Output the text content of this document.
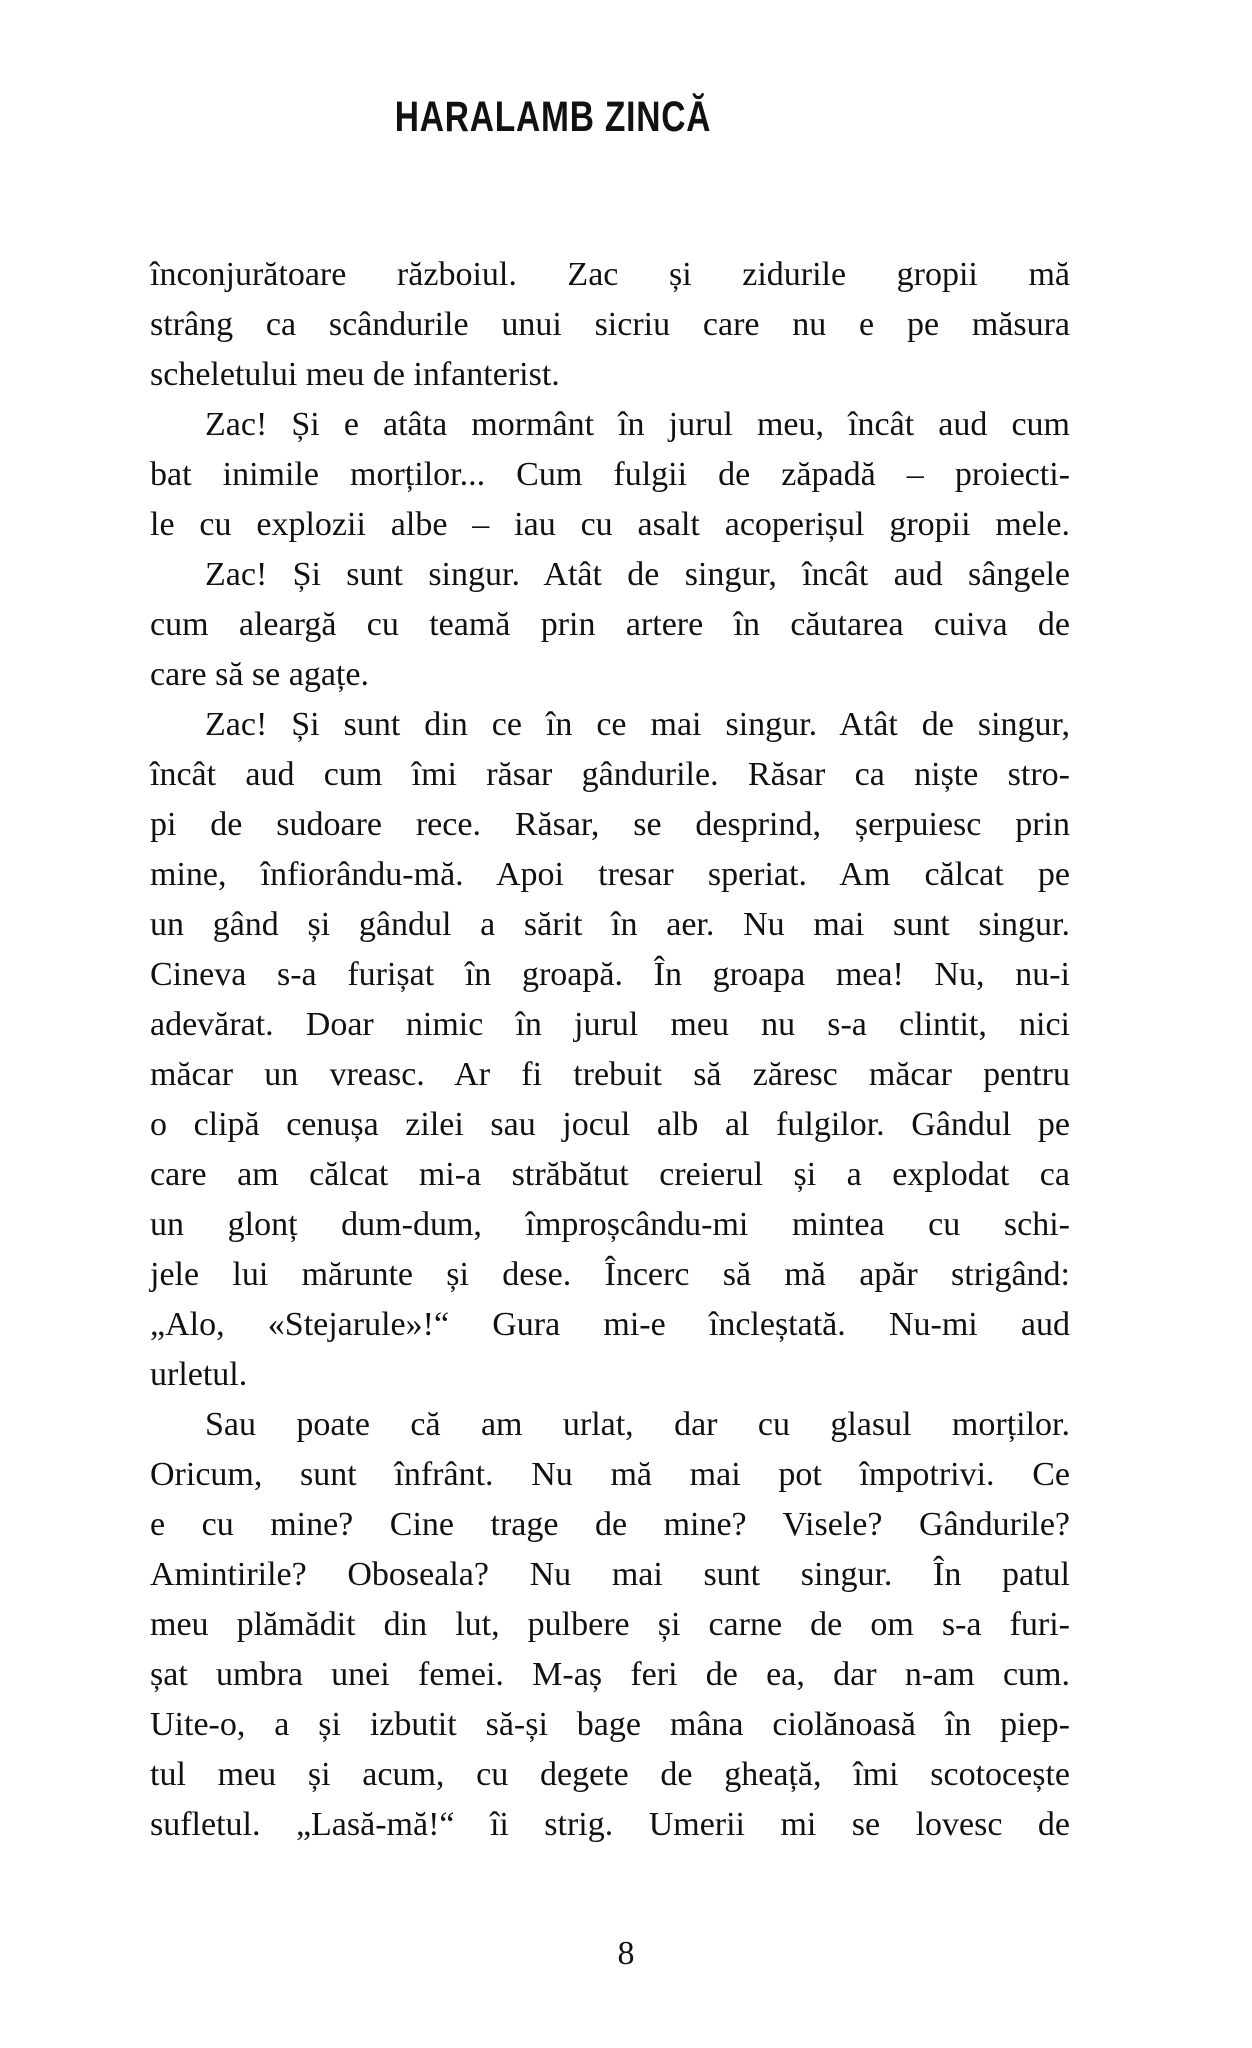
HARALAMB ZINCĂ
înconjurătoare războiul. Zac și zidurile gropii mă
strâng ca scândurile unui sicriu care nu e pe măsura
scheletului meu de infanterist.
Zac! Și e atâta mormânt în jurul meu, încât aud cum
bat inimile morților... Cum fulgii de zăpadă – proiecti-
le cu explozii albe – iau cu asalt acoperișul gropii mele.
Zac! Și sunt singur. Atât de singur, încât aud sângele
cum aleargă cu teamă prin artere în căutarea cuiva de
care să se agațe.
Zac! Și sunt din ce în ce mai singur. Atât de singur,
încât aud cum îmi răsar gândurile. Răsar ca niște stro-
pi de sudoare rece. Răsar, se desprind, șerpuiesc prin
mine, înfiorându-mă. Apoi tresar speriat. Am călcat pe
un gând și gândul a sărit în aer. Nu mai sunt singur.
Cineva s-a furișat în groapă. În groapa mea! Nu, nu-i
adevărat. Doar nimic în jurul meu nu s-a clintit, nici
măcar un vreasc. Ar fi trebuit să zăresc măcar pentru
o clipă cenușa zilei sau jocul alb al fulgilor. Gândul pe
care am călcat mi-a străbătut creierul și a explodat ca
un glonț dum-dum, împroșcându-mi mintea cu schi-
jele lui mărunte și dese. Încerc să mă apăr strigând:
„Alo, «Stejarule»!“ Gura mi-e încleștată. Nu-mi aud
urletul.
Sau poate că am urlat, dar cu glasul morților.
Oricum, sunt înfrânt. Nu mă mai pot împotrivi. Ce
e cu mine? Cine trage de mine? Visele? Gândurile?
Amintirile? Oboseala? Nu mai sunt singur. În patul
meu plămădit din lut, pulbere și carne de om s-a furi-
șat umbra unei femei. M-aș feri de ea, dar n-am cum.
Uite-o, a și izbutit să-și bage mâna ciolănoasă în piep-
tul meu și acum, cu degete de gheață, îmi scotocește
sufletul. „Lasă-mă!“ îi strig. Umerii mi se lovesc de
8
